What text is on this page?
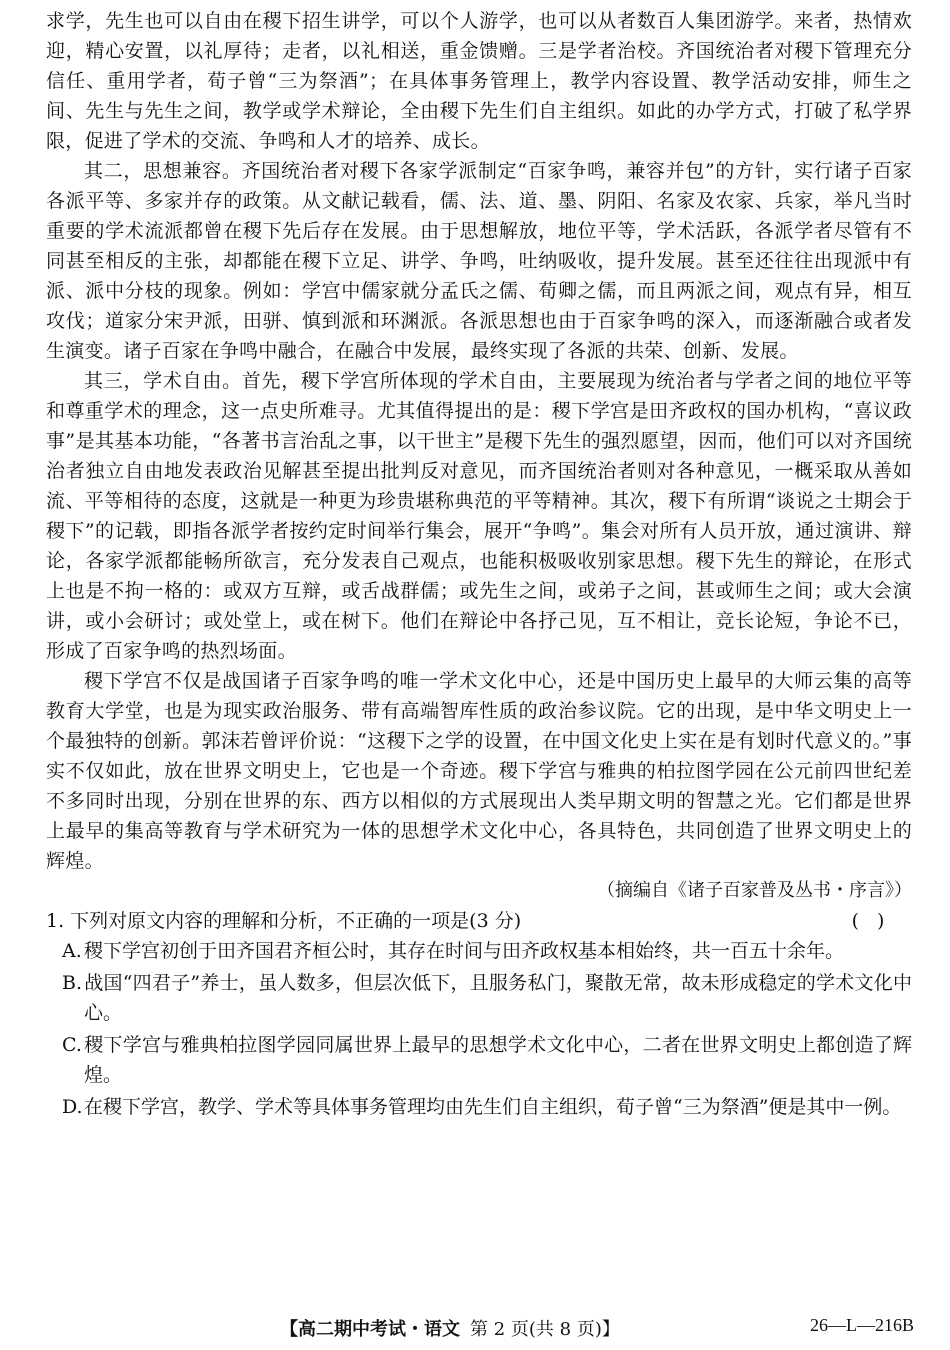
求学，先生也可以自由在稷下招生讲学，可以个人游学，也可以从者数百人集团游学。来者，热情欢迎，精心安置，以礼厚待；走者，以礼相送，重金馈赠。三是学者治校。齐国统治者对稷下管理充分信任、重用学者，荀子曾“三为祭酒”；在具体事务管理上，教学内容设置、教学活动安排，师生之间、先生与先生之间，教学或学术辩论，全由稷下先生们自主组织。如此的办学方式，打破了私学界限，促进了学术的交流、争鸣和人才的培养、成长。

其二，思想兼容。齐国统治者对稷下各家学派制定“百家争鸣，兼容并包”的方针，实行诸子百家各派平等、多家并存的政策。从文献记载看，儒、法、道、墨、阴阳、名家及农家、兵家，举凡当时重要的学术流派都曾在稷下先后存在发展。由于思想解放，地位平等，学术活跃，各派学者尽管有不同甚至相反的主张，却都能在稷下立足、讲学、争鸣，吐纳吸收，提升发展。甚至还往往出现派中有派、派中分枝的现象。例如：学宫中儒家就分孟氏之儒、荀卿之儒，而且两派之间，观点有异，相互攻伐；道家分宋尹派，田骈、慎到派和环渊派。各派思想也由于百家争鸣的深入，而逐渐融合或者发生演变。诸子百家在争鸣中融合，在融合中发展，最终实现了各派的共荣、创新、发展。

其三，学术自由。首先，稷下学宫所体现的学术自由，主要展现为统治者与学者之间的地位平等和尊重学术的理念，这一点史所难寻。尤其值得提出的是：稷下学宫是田齐政权的国办机构，“喜议政事”是其基本功能，“各著书言治乱之事，以干世主”是稷下先生的强烈愿望，因而，他们可以对齐国统治者独立自由地发表政治见解甚至提出批判反对意见，而齐国统治者则对各种意见，一概采取从善如流、平等相待的态度，这就是一种更为珍贵堪称典范的平等精神。其次，稷下有所谓“谈说之士期会于稷下”的记载，即指各派学者按约定时间举行集会，展开“争鸣”。集会对所有人员开放，通过演讲、辩论，各家学派都能畅所欲言，充分发表自己观点，也能积极吸收别家思想。稷下先生的辩论，在形式上也是不拘一格的：或双方互辩，或舌战群儒；或先生之间，或弟子之间，甚或师生之间；或大会演讲，或小会研讨；或处堂上，或在树下。他们在辩论中各抒己见，互不相让，竞长论短，争论不已，形成了百家争鸣的热烈场面。

稷下学宫不仅是战国诸子百家争鸣的唯一学术文化中心，还是中国历史上最早的大师云集的高等教育大学堂，也是为现实政治服务、带有高端智库性质的政治参议院。它的出现，是中华文明史上一个最独特的创新。郭沫若曾评价说：“这稷下之学的设置，在中国文化史上实在是有划时代意义的。”事实不仅如此，放在世界文明史上，它也是一个奇迹。稷下学宫与雅典的柏拉图学园在公元前四世纪差不多同时出现，分别在世界的东、西方以相似的方式展现出人类早期文明的智慧之光。它们都是世界上最早的集高等教育与学术研究为一体的思想学术文化中心，各具特色，共同创造了世界文明史上的辉煌。

（摘编自《诸子百家普及丛书・序言》）

1. 下列对原文内容的理解和分析，不正确的一项是(3 分)	()

A. 稷下学宫初创于田齐国君齐桓公时，其存在时间与田齐政权基本相始终，共一百五十余年。

B. 战国“四君子”养士，虽人数多，但层次低下，且服务私门，聚散无常，故未形成稳定的学术文化中心。

C. 稷下学宫与雅典柏拉图学园同属世界上最早的思想学术文化中心，二者在世界文明史上都创造了辉煌。

D.在稷下学宫，教学、学术等具体事务管理均由先生们自主组织，荀子曾“三为祭酒”便是其中一例。

【高二期中考试・语文 第 2 页(共 8 页)】	26—L—216B
